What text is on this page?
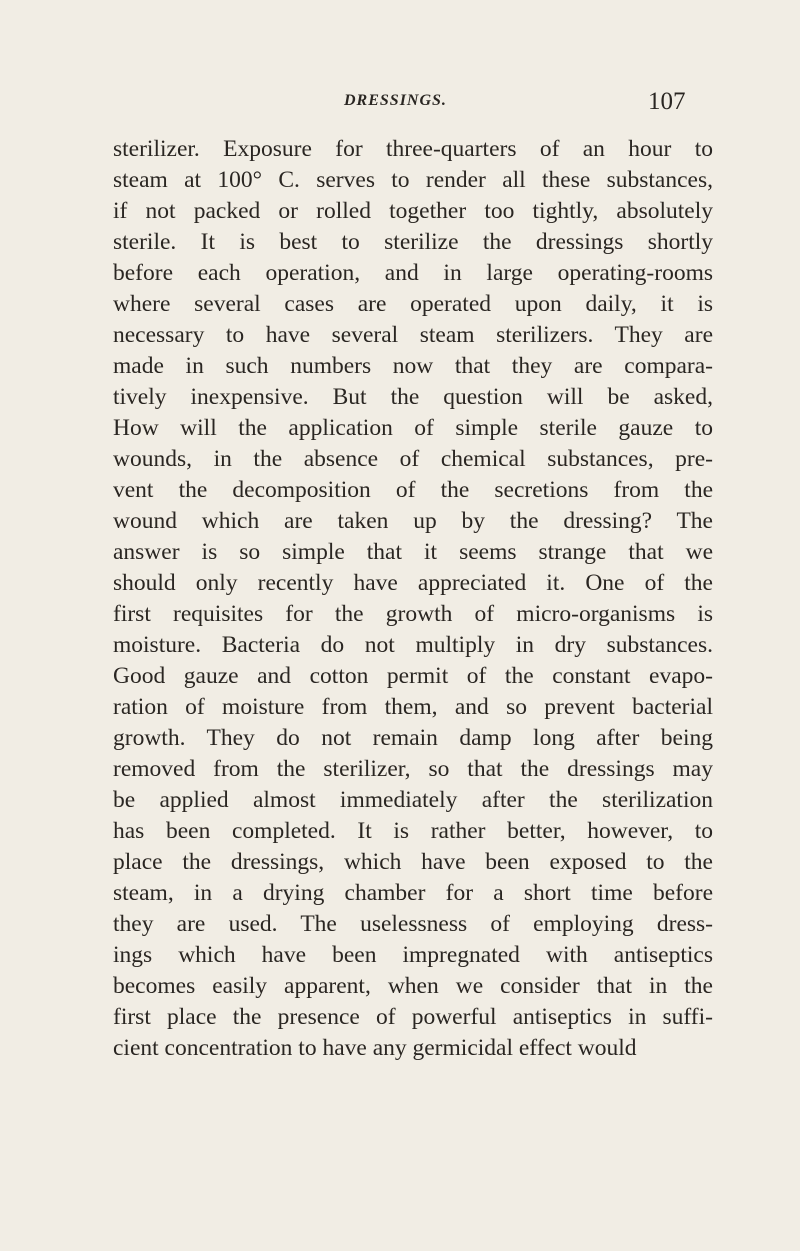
DRESSINGS.	107
sterilizer. Exposure for three-quarters of an hour to
steam at 100° C. serves to render all these substances,
if not packed or rolled together too tightly, absolutely
sterile. It is best to sterilize the dressings shortly
before each operation, and in large operating-rooms
where several cases are operated upon daily, it is
necessary to have several steam sterilizers. They are
made in such numbers now that they are compara-
tively inexpensive. But the question will be asked,
How will the application of simple sterile gauze to
wounds, in the absence of chemical substances, pre-
vent the decomposition of the secretions from the
wound which are taken up by the dressing? The
answer is so simple that it seems strange that we
should only recently have appreciated it. One of the
first requisites for the growth of micro-organisms is
moisture. Bacteria do not multiply in dry substances.
Good gauze and cotton permit of the constant evapo-
ration of moisture from them, and so prevent bacterial
growth. They do not remain damp long after being
removed from the sterilizer, so that the dressings may
be applied almost immediately after the sterilization
has been completed. It is rather better, however, to
place the dressings, which have been exposed to the
steam, in a drying chamber for a short time before
they are used. The uselessness of employing dress-
ings which have been impregnated with antiseptics
becomes easily apparent, when we consider that in the
first place the presence of powerful antiseptics in suffi-
cient concentration to have any germicidal effect would
